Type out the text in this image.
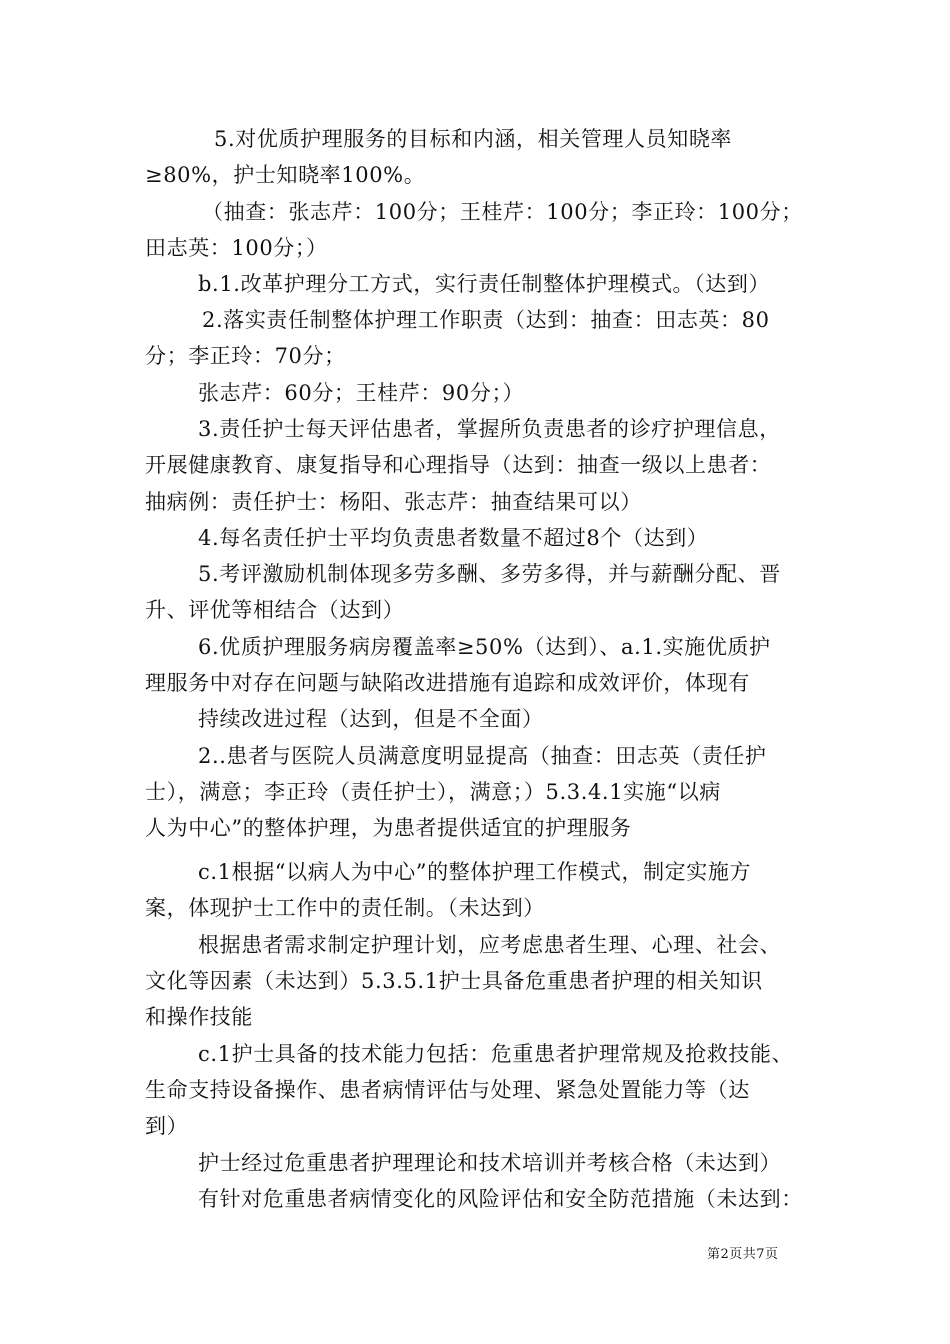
5.对优质护理服务的目标和内涵，相关管理人员知晓率
≥80%，护士知晓率100%。
（抽查：张志芹：100分；王桂芹：100分；李正玲：100分；
田志英：100分；）
b.1.改革护理分工方式，实行责任制整体护理模式。（达到）
2.落实责任制整体护理工作职责（达到：抽查：田志英：80
分；李正玲：70分；
张志芹：60分；王桂芹：90分；）
3.责任护士每天评估患者，掌握所负责患者的诊疗护理信息，
开展健康教育、康复指导和心理指导（达到：抽查一级以上患者：
抽病例：责任护士：杨阳、张志芹：抽查结果可以）
4.每名责任护士平均负责患者数量不超过8个（达到）
5.考评激励机制体现多劳多酬、多劳多得，并与薪酬分配、晋
升、评优等相结合（达到）
6.优质护理服务病房覆盖率≥50%（达到）、a.1.实施优质护
理服务中对存在问题与缺陷改进措施有追踪和成效评价，体现有
持续改进过程（达到，但是不全面）
2..患者与医院人员满意度明显提高（抽查：田志英（责任护
士），满意；李正玲（责任护士），满意；）5.3.4.1实施“以病
人为中心”的整体护理，为患者提供适宜的护理服务
c.1根据“以病人为中心”的整体护理工作模式，制定实施方
案，体现护士工作中的责任制。（未达到）
根据患者需求制定护理计划，应考虑患者生理、心理、社会、
文化等因素（未达到）5.3.5.1护士具备危重患者护理的相关知识
和操作技能
c.1护士具备的技术能力包括：危重患者护理常规及抢救技能、
生命支持设备操作、患者病情评估与处理、紧急处置能力等（达
到）
护士经过危重患者护理理论和技术培训并考核合格（未达到）
有针对危重患者病情变化的风险评估和安全防范措施（未达到：
第2页共7页
